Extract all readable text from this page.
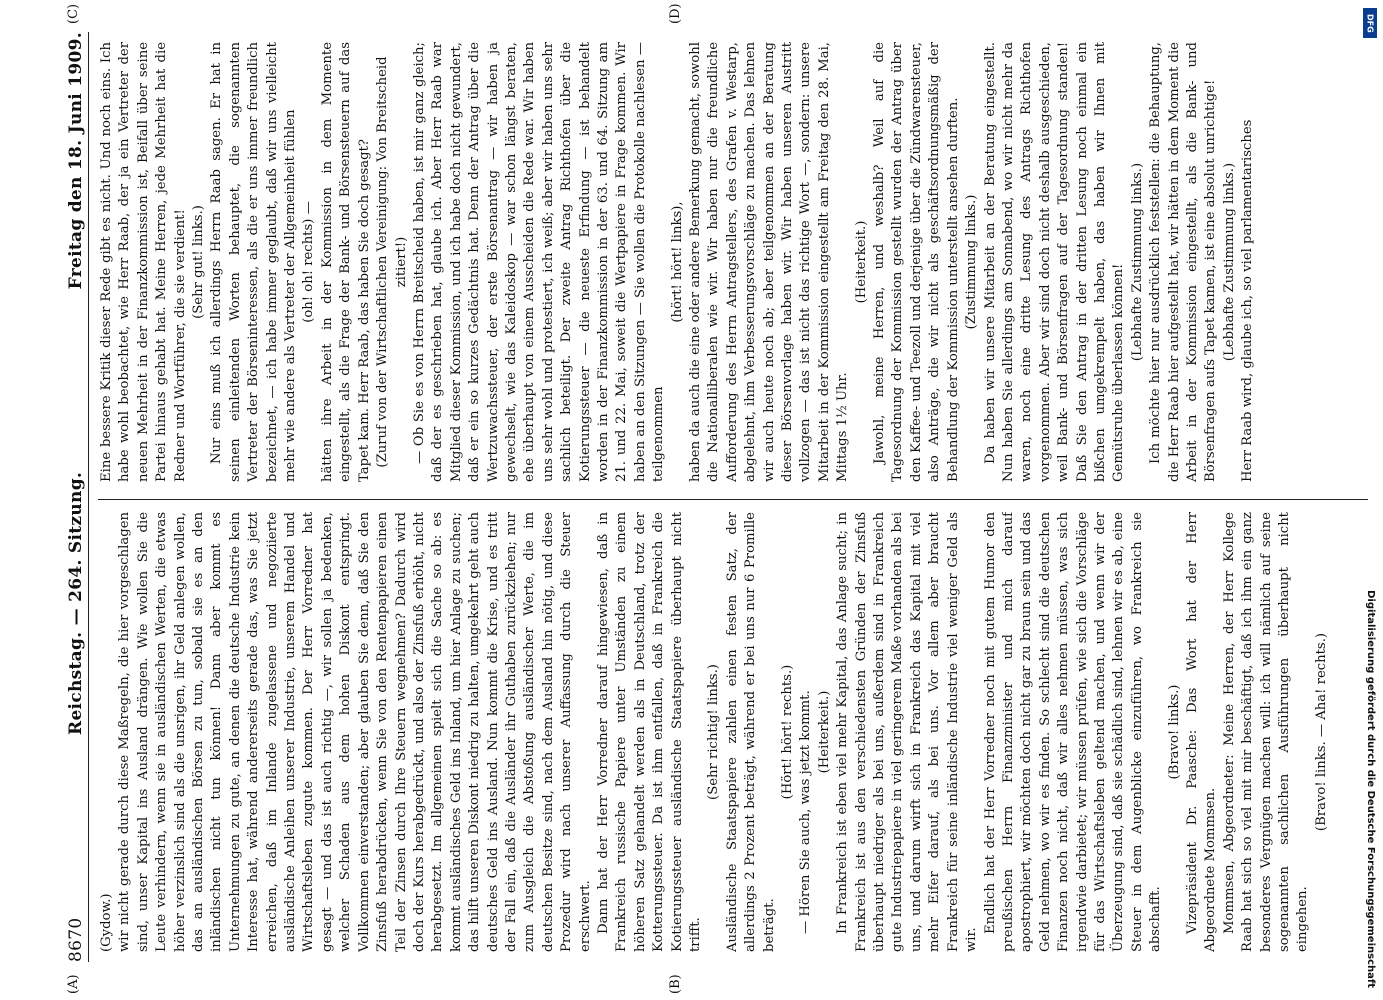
8670
Reichstag. — 264. Sitzung.
Freitag den 18. Juni 1909.
(A)	(B)
(C)	(D)

(Gydow.) wir nicht gerade durch diese Maßregeln, die hier vorgeschlagen sind, unser Kapital ins Ausland drängen. Wie wollen Sie die Leute verhindern, wenn sie in ausländischen Werten, die etwas höher verzinslich sind als die unsrigen, ihr Geld anlegen wollen, das an ausländischen Börsen zu tun, sobald sie es an den inländischen nicht tun können! Dann aber kommt es Unternehmungen zu gute, an denen die deutsche Industrie kein Interesse hat, während andererseits gerade das, was Sie jetzt erreichen, daß im Inlande zugelassene und negoziierte ausländische Anleihen unserer Industrie, unserem Handel und Wirtschaftsleben zugute kommen. Der Herr Vorredner hat gesagt — und das ist auch richtig —, wir sollen ja bedenken, welcher Schaden aus dem hohen Diskont entspringt. Vollkommen einverstanden; aber glauben Sie denn, daß Sie den Zinsfuß herabdrücken, wenn Sie von den Rentenpapieren einen Teil der Zinsen durch Ihre Steuern wegnehmen? Dadurch wird doch der Kurs herabgedrückt, und also der Zinsfuß erhöht, nicht herabgesetzt. Im allgemeinen spielt sich die Sache so ab: es kommt ausländisches Geld ins Inland, um hier Anlage zu suchen; das hilft unseren Diskont niedrig zu halten, umgekehrt geht auch deutsches Geld ins Ausland. Nun kommt die Krise, und es tritt der Fall ein, daß die Ausländer ihr Guthaben zurückziehen; nur zum Ausgleich die Abstoßung ausländischer Werte, die im deutschen Besitze sind, nach dem Ausland hin nötig, und diese Prozedur wird nach unserer Auffassung durch die Steuer erschwert. Dann hat der Herr Vorredner darauf hingewiesen, daß in Frankreich russische Papiere unter Umständen zu einem höheren Satz gehandelt werden als in Deutschland, trotz der Kotterungssteuer. Da ist ihm entfallen, daß in Frankreich die Kotierungssteuer ausländische Staatspapiere überhaupt nicht trifft.

(Sehr richtig! links.) Ausländische Staatspapiere zahlen einen festen Satz, der allerdings 2 Prozent beträgt, während er bei uns nur 6 Promille beträgt.

(Hört! hört! rechts.) — Hören Sie auch, was jetzt kommt. (Heiterkeit.) In Frankreich ist eben viel mehr Kapital, das Anlage sucht; in Frankreich ist aus den verschiedensten Gründen der Zinsfuß überhaupt niedriger als bei uns, außerdem sind in Frankreich gute Industriepapiere in viel geringerem Maße vorhanden als bei uns, und darum wirft sich in Frankreich das Kapital mit viel mehr Eifer darauf, als bei uns. Vor allem aber braucht Frankreich für seine inländische Industrie viel weniger Geld als wir.

Endlich hat der Herr Vorredner noch mit gutem Humor den preußischen Herrn Finanzminister und mich darauf apostrophiert, wir möchten doch nicht gar zu braun sein und das Geld nehmen, wo wir es finden. So schlecht sind die deutschen Finanzen noch nicht, daß wir alles nehmen müssen, was sich irgendwie darbietet; wir müssen prüfen, wie sich die Vorschläge für das Wirtschaftsleben geltend machen, und wenn wir der Überzeugung sind, daß sie schädlich sind, lehnen wir es ab, eine Steuer in dem Augenblicke einzuführen, wo Frankreich sie abschafft.

(Bravo! links.) Vizepräsident Dr. Paasche: Das Wort hat der Herr Abgeordnete Mommsen. Mommsen, Abgeordneter: Meine Herren, der Herr Kollege Raab hat sich so viel mit mir beschäftigt, daß ich ihm ein ganz besonderes Vergnügen machen will: ich will nämlich auf seine sogenannten sachlichen Ausführungen überhaupt nicht eingehen.

(Bravo! links. — Aha! rechts.)

Eine bessere Kritik dieser Rede gibt es nicht. Und noch eins. Ich habe wohl beobachtet, wie Herr Raab, der ja ein Vertreter der neuen Mehrheit in der Finanzkommission ist, Beifall über seine Partei hinaus gehabt hat. Meine Herren, jede Mehrheit hat die Redner und Wortführer, die sie verdient! (Sehr gut! links.) Nur eins muß ich allerdings Herrn Raab sagen. Er hat in seinen einleitenden Worten behauptet, die sogenannten Vertreter der Börseninteressen, als die er uns immer freundlich bezeichnet, — ich habe immer geglaubt, daß wir uns vielleicht mehr wie andere als Vertreter der Allgemeinheit fühlen (oh! oh! rechts) — hätten ihre Arbeit in der Kommission in dem Momente eingestellt, als die Frage der Bank- und Börsensteuern auf das Tapet kam. Herr Raab, das haben Sie doch gesagt? (Zuruf von der Wirtschaftlichen Vereinigung: Von Breitscheid zitiert!) — Ob Sie es von Herrn Breitscheid haben, ist mir ganz gleich; daß der es geschrieben hat, glaube ich. Aber Herr Raab war Mitglied dieser Kommission, und ich habe doch nicht gewundert, daß er ein so kurzes Gedächtnis hat. Denn der Antrag über die Wertzuwachssteuer, der erste Börsenantrag — wir haben ja gewechselt, wie das Kaleidoskop — war schon längst beraten, ehe überhaupt von einem Ausscheiden die Rede war. Wir haben uns sehr wohl und protestiert, ich weiß; aber wir haben uns sehr sachlich beteiligt. Der zweite Antrag Richthofen über die Kotierungssteuer — die neueste Erfindung — ist behandelt worden in der Finanzkommission in der 63. und 64. Sitzung am 21. und 22. Mai, soweit die Wertpapiere in Frage kommen. Wir haben an den Sitzungen — Sie wollen die Protokolle nachlesen — teilgenommen

(hört! hört! links), haben da auch die eine oder andere Bemerkung gemacht, sowohl die Nationalliberalen wie wir. Wir haben nur die freundliche Aufforderung des Herrn Antragstellers, des Grafen v. Westarp, abgelehnt, ihm Verbesserungsvorschläge zu machen. Das lehnen wir auch heute noch ab; aber teilgenommen an der Beratung dieser Börsenvorlage haben wir. Wir haben unseren Austritt vollzogen — das ist nicht das richtige Wort —, sondern: unsere Mitarbeit in der Kommission eingestellt am Freitag den 28. Mai, Mittags 1½ Uhr.

(Heiterkeit.) Jawohl, meine Herren, und weshalb? Weil auf die Tagesordnung der Kommission gestellt wurden der Antrag über den Kaffee- und Teezoll und derjenige über die Zündwarensteuer, also Anträge, die wir nicht als geschäftsordnungsmäßig der Behandlung der Kommission unterstellt ansehen durften. (Zustimmung links.) Da haben wir unsere Mitarbeit an der Beratung eingestellt. Nun haben Sie allerdings am Sonnabend, wo wir nicht mehr da waren, noch eine dritte Lesung des Antrags Richthofen vorgenommen. Aber wir sind doch nicht deshalb ausgeschieden, weil Bank- und Börsenfragen auf der Tagesordnung standen! Daß Sie den Antrag in der dritten Lesung noch einmal ein bißchen umgekrempelt haben, das haben wir Ihnen mit Gemütsruhe überlassen können!

(Lebhafte Zustimmung links.) Ich möchte hier nur ausdrücklich feststellen: die Behauptung, die Herr Raab hier aufgestellt hat, wir hätten in dem Moment die Arbeit in der Kommission eingestellt, als die Bank- und Börsenfragen aufs Tapet kamen, ist eine absolut unrichtige! (Lebhafte Zustimmung links.) Herr Raab wird, glaube ich, so viel parlamentarisches

Digitalisierung gefördert durch die Deutsche Forschungsgemeinschaft
DFG
